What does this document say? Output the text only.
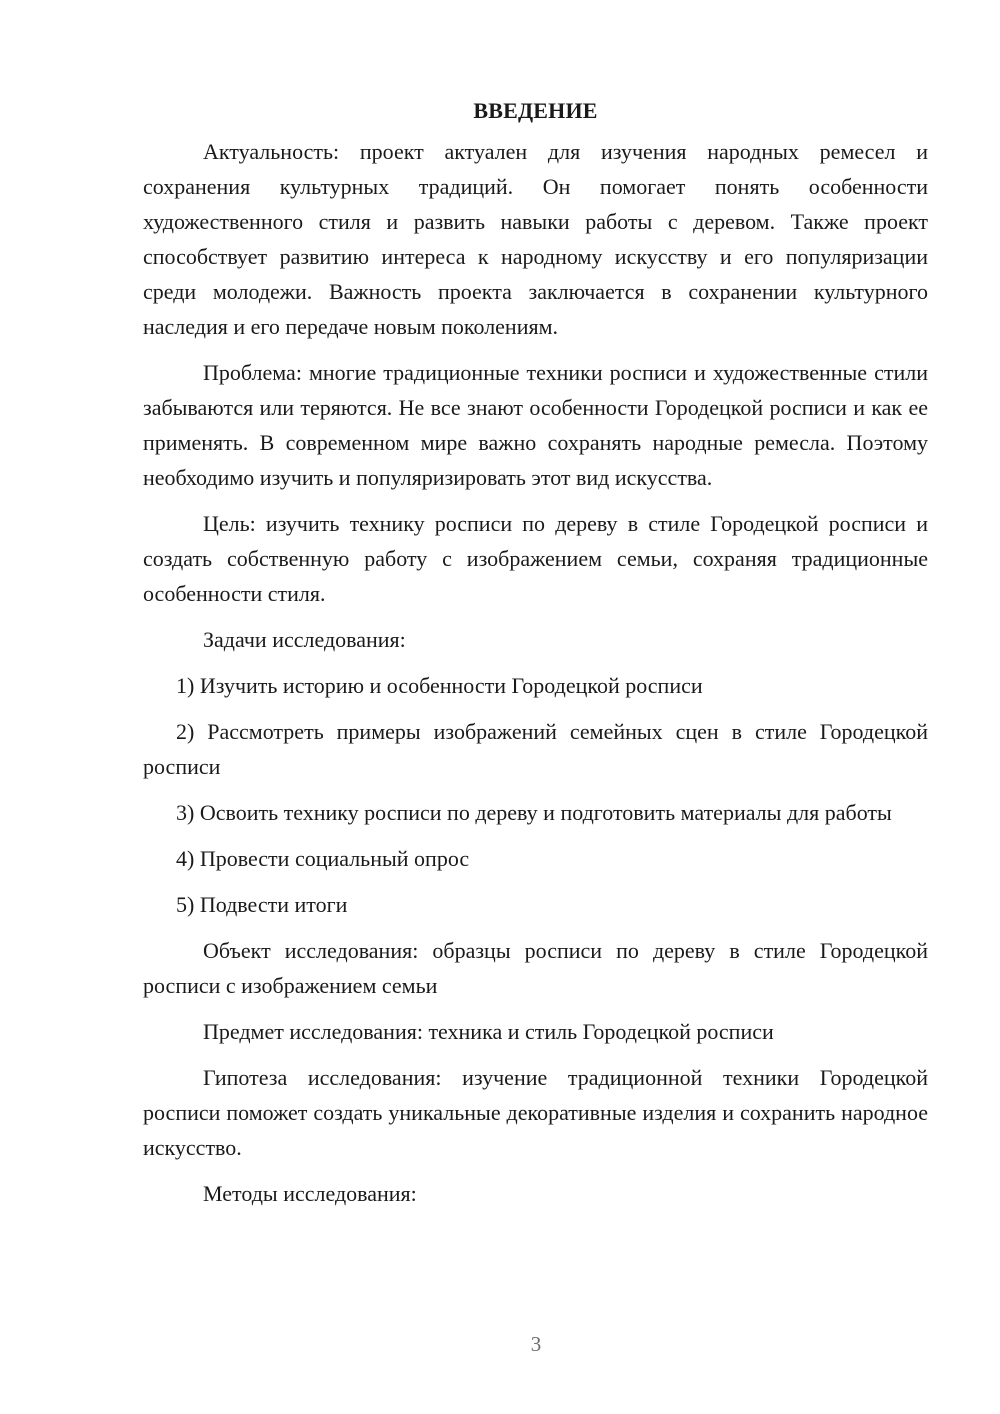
ВВЕДЕНИЕ

Актуальность: проект актуален для изучения народных ремесел и сохранения культурных традиций. Он помогает понять особенности художественного стиля и развить навыки работы с деревом. Также проект способствует развитию интереса к народному искусству и его популяризации среди молодежи. Важность проекта заключается в сохранении культурного наследия и его передаче новым поколениям.

Проблема: многие традиционные техники росписи и художественные стили забываются или теряются. Не все знают особенности Городецкой росписи и как ее применять. В современном мире важно сохранять народные ремесла. Поэтому необходимо изучить и популяризировать этот вид искусства.

Цель: изучить технику росписи по дереву в стиле Городецкой росписи и создать собственную работу с изображением семьи, сохраняя традиционные особенности стиля.

Задачи исследования:

1) Изучить историю и особенности Городецкой росписи

2) Рассмотреть примеры изображений семейных сцен в стиле Городецкой росписи

3) Освоить технику росписи по дереву и подготовить материалы для работы

4) Провести социальный опрос

5) Подвести итоги

Объект исследования: образцы росписи по дереву в стиле Городецкой росписи с изображением семьи

Предмет исследования: техника и стиль Городецкой росписи

Гипотеза исследования: изучение традиционной техники Городецкой росписи поможет создать уникальные декоративные изделия и сохранить народное искусство.

Методы исследования:

3
